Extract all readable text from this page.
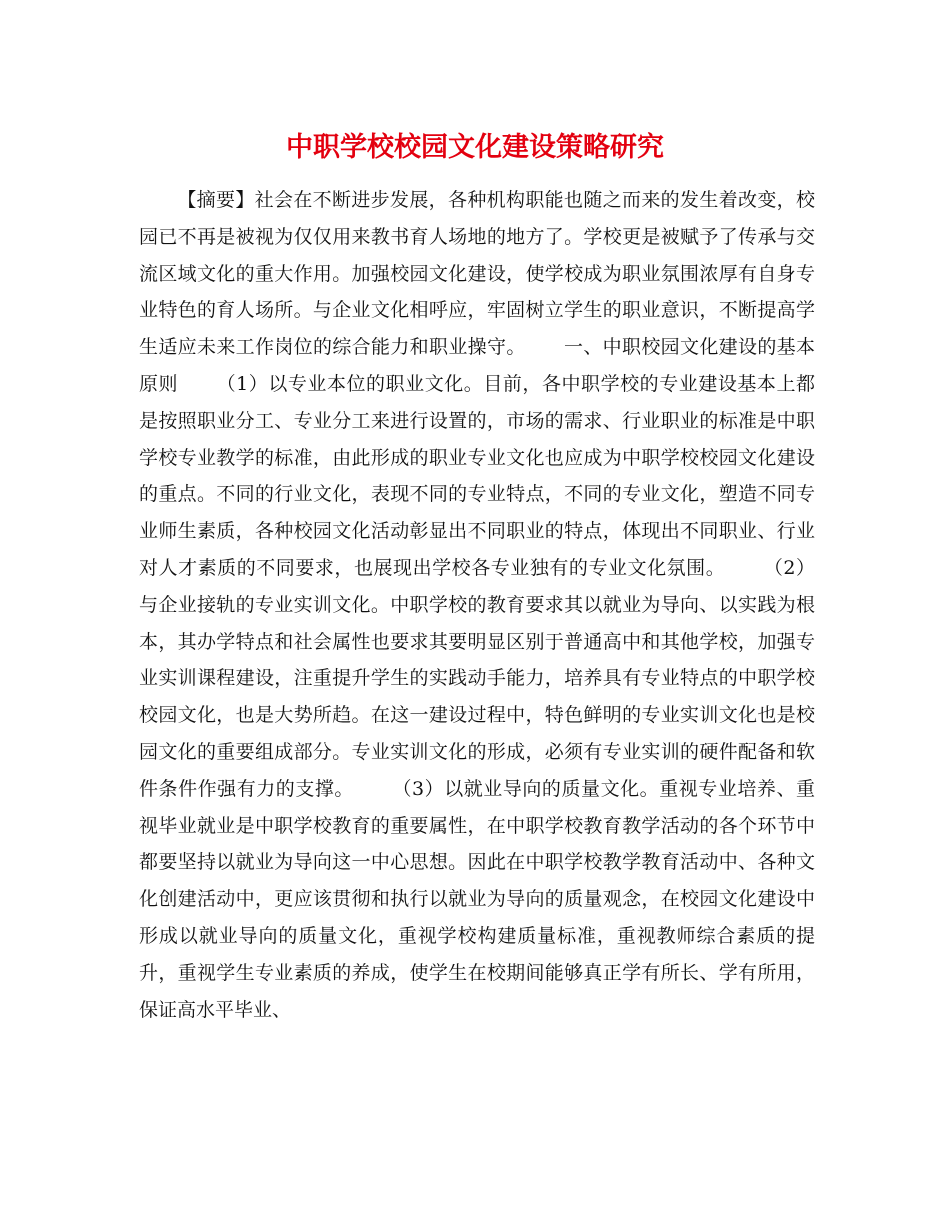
中职学校校园文化建设策略研究

【摘要】社会在不断进步发展，各种机构职能也随之而来的发生着改变，校园已不再是被视为仅仅用来教书育人场地的地方了。学校更是被赋予了传承与交流区域文化的重大作用。加强校园文化建设，使学校成为职业氛围浓厚有自身专业特色的育人场所。与企业文化相呼应，牢固树立学生的职业意识，不断提高学生适应未来工作岗位的综合能力和职业操守。 一、中职校园文化建设的基本原则 （1）以专业本位的职业文化。目前，各中职学校的专业建设基本上都是按照职业分工、专业分工来进行设置的，市场的需求、行业职业的标准是中职学校专业教学的标准，由此形成的职业专业文化也应成为中职学校校园文化建设的重点。不同的行业文化，表现不同的专业特点，不同的专业文化，塑造不同专业师生素质，各种校园文化活动彰显出不同职业的特点，体现出不同职业、行业对人才素质的不同要求，也展现出学校各专业独有的专业文化氛围。 （2）与企业接轨的专业实训文化。中职学校的教育要求其以就业为导向、以实践为根本，其办学特点和社会属性也要求其要明显区别于普通高中和其他学校，加强专业实训课程建设，注重提升学生的实践动手能力，培养具有专业特点的中职学校校园文化，也是大势所趋。在这一建设过程中，特色鲜明的专业实训文化也是校园文化的重要组成部分。专业实训文化的形成，必须有专业实训的硬件配备和软件条件作强有力的支撑。 （3）以就业导向的质量文化。重视专业培养、重视毕业就业是中职学校教育的重要属性，在中职学校教育教学活动的各个环节中都要坚持以就业为导向这一中心思想。因此在中职学校教学教育活动中、各种文化创建活动中，更应该贯彻和执行以就业为导向的质量观念，在校园文化建设中形成以就业导向的质量文化，重视学校构建质量标准，重视教师综合素质的提升，重视学生专业素质的养成，使学生在校期间能够真正学有所长、学有所用，保证高水平毕业、
